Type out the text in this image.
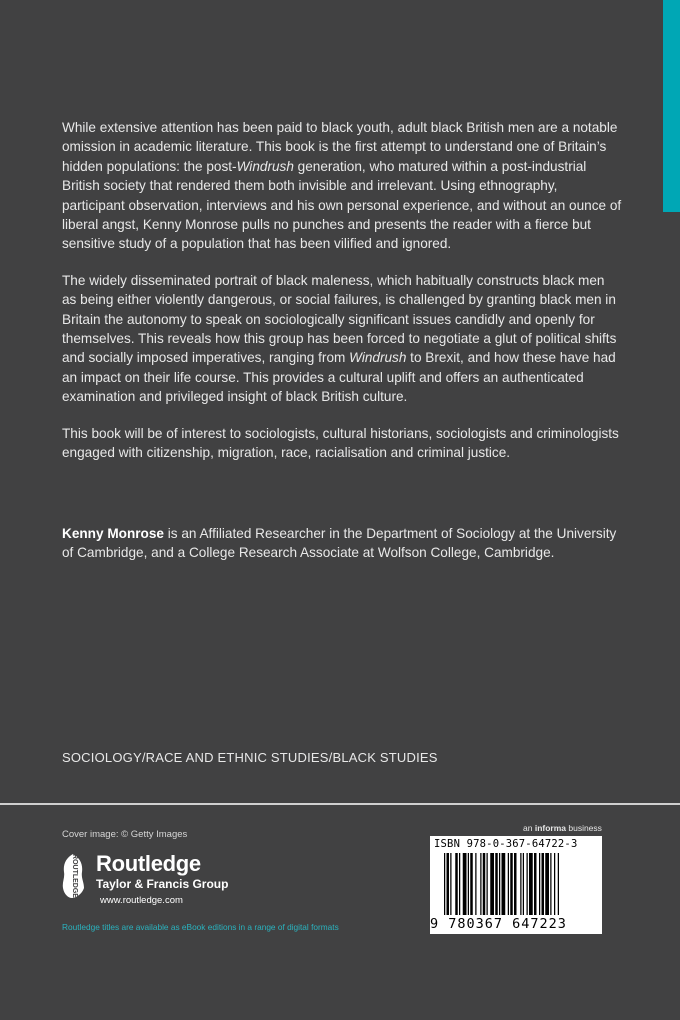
While extensive attention has been paid to black youth, adult black British men are a notable omission in academic literature. This book is the first attempt to understand one of Britain’s hidden populations: the post-Windrush generation, who matured within a post-industrial British society that rendered them both invisible and irrelevant. Using ethnography, participant observation, interviews and his own personal experience, and without an ounce of liberal angst, Kenny Monrose pulls no punches and presents the reader with a fierce but sensitive study of a population that has been vilified and ignored.

The widely disseminated portrait of black maleness, which habitually constructs black men as being either violently dangerous, or social failures, is challenged by granting black men in Britain the autonomy to speak on sociologically significant issues candidly and openly for themselves. This reveals how this group has been forced to negotiate a glut of political shifts and socially imposed imperatives, ranging from Windrush to Brexit, and how these have had an impact on their life course. This provides a cultural uplift and offers an authenticated examination and privileged insight of black British culture.

This book will be of interest to sociologists, cultural historians, sociologists and criminologists engaged with citizenship, migration, race, racialisation and criminal justice.

Kenny Monrose is an Affiliated Researcher in the Department of Sociology at the University of Cambridge, and a College Research Associate at Wolfson College, Cambridge.
SOCIOLOGY/RACE AND ETHNIC STUDIES/BLACK STUDIES
Cover image: © Getty Images
ROUTLEDGE Routledge
Taylor & Francis Group
www.routledge.com
Routledge titles are available as eBook editions in a range of digital formats
an informa business
ISBN 978-0-367-64722-3
9 780367 647223
